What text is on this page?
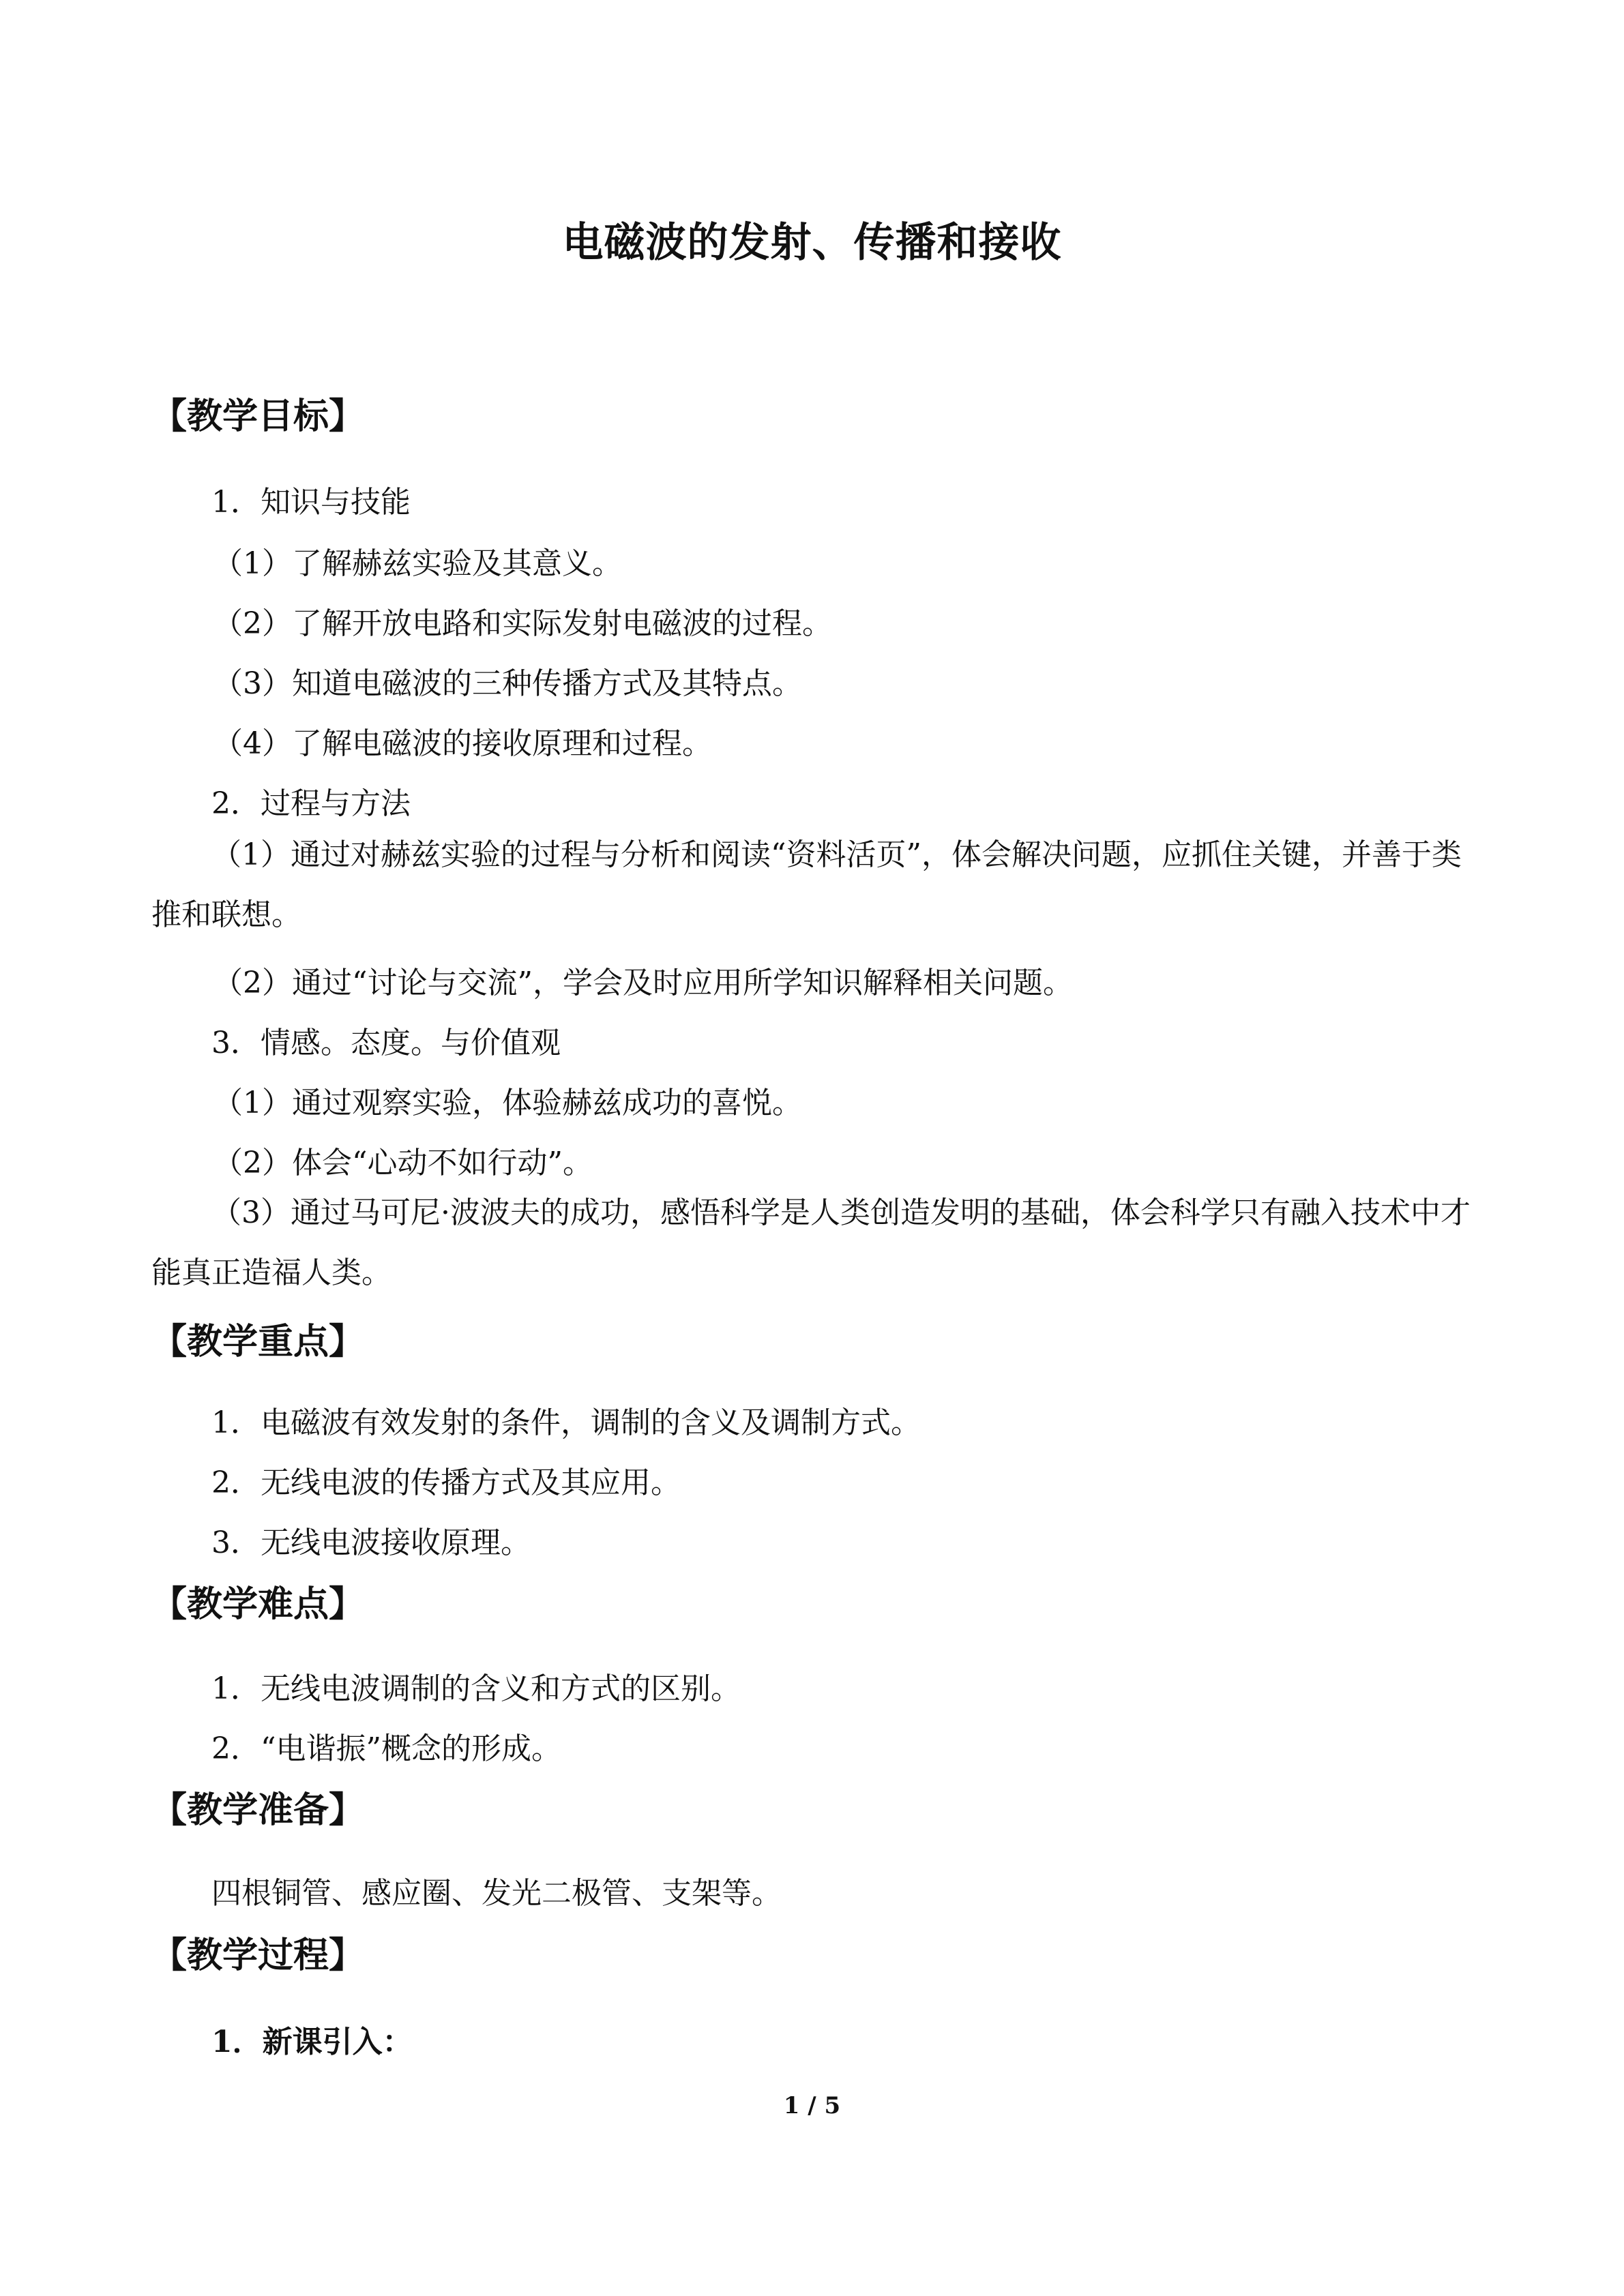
电磁波的发射、传播和接收
【教学目标】
1．知识与技能
（1）了解赫兹实验及其意义。
（2）了解开放电路和实际发射电磁波的过程。
（3）知道电磁波的三种传播方式及其特点。
（4）了解电磁波的接收原理和过程。
2．过程与方法
（1）通过对赫兹实验的过程与分析和阅读“资料活页”，体会解决问题，应抓住关键，并善于类推和联想。
（2）通过“讨论与交流”，学会及时应用所学知识解释相关问题。
3．情感。态度。与价值观
（1）通过观察实验，体验赫兹成功的喜悦。
（2）体会“心动不如行动”。
（3）通过马可尼·波波夫的成功，感悟科学是人类创造发明的基础，体会科学只有融入技术中才能真正造福人类。
【教学重点】
1．电磁波有效发射的条件，调制的含义及调制方式。
2．无线电波的传播方式及其应用。
3．无线电波接收原理。
【教学难点】
1．无线电波调制的含义和方式的区别。
2．“电谐振”概念的形成。
【教学准备】
四根铜管、感应圈、发光二极管、支架等。
【教学过程】
1．新课引入：
1 / 5
